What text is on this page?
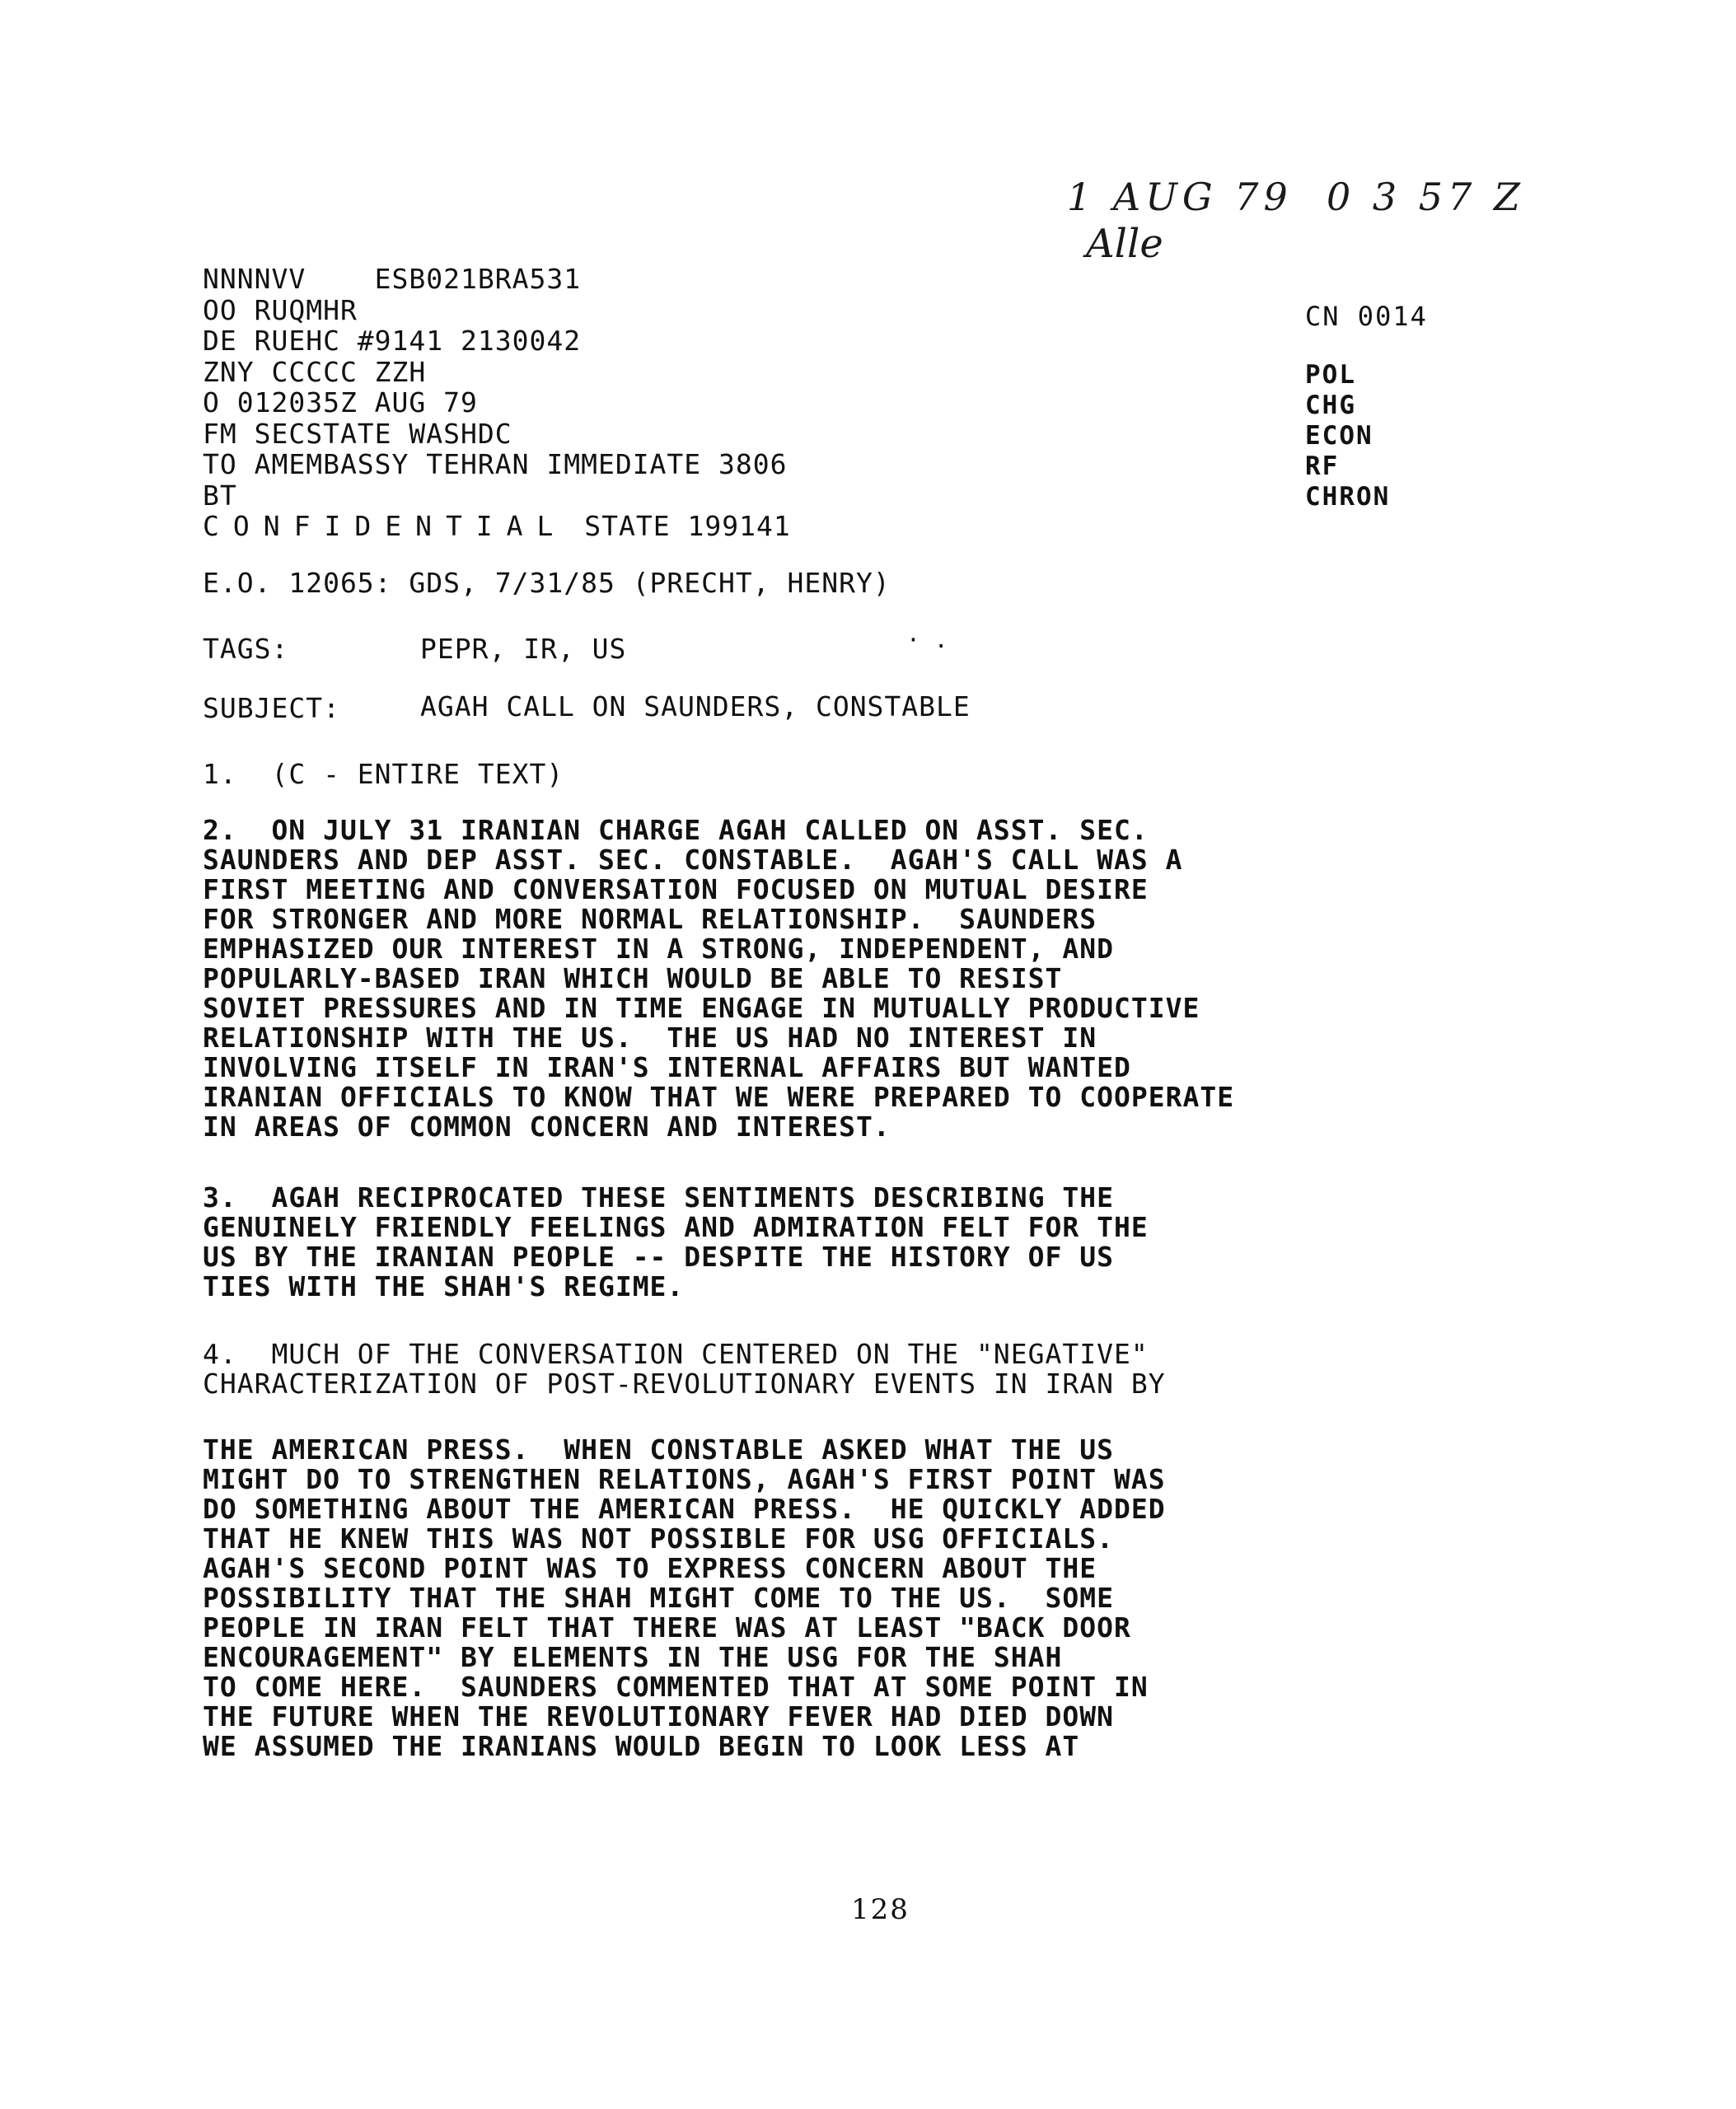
1 AUG 79  0 3 57 Z
Alle
NNNNVV    ESB021BRA531
OO RUQMHR
DE RUEHC #9141 2130042
ZNY CCCCC ZZH
O 012035Z AUG 79
FM SECSTATE WASHDC
TO AMEMBASSY TEHRAN IMMEDIATE 3806
BT
CONFIDENTIAL STATE 199141
CN 0014
POL
CHG
ECON
RF
CHRON
E.O. 12065: GDS, 7/31/85 (PRECHT, HENRY)
· .
TAGS:	PEPR, IR, US
SUBJECT:	AGAH CALL ON SAUNDERS, CONSTABLE
1.  (C - ENTIRE TEXT)
2.  ON JULY 31 IRANIAN CHARGE AGAH CALLED ON ASST. SEC.
SAUNDERS AND DEP ASST. SEC. CONSTABLE.  AGAH'S CALL WAS A
FIRST MEETING AND CONVERSATION FOCUSED ON MUTUAL DESIRE
FOR STRONGER AND MORE NORMAL RELATIONSHIP.  SAUNDERS
EMPHASIZED OUR INTEREST IN A STRONG, INDEPENDENT, AND
POPULARLY-BASED IRAN WHICH WOULD BE ABLE TO RESIST
SOVIET PRESSURES AND IN TIME ENGAGE IN MUTUALLY PRODUCTIVE
RELATIONSHIP WITH THE US.  THE US HAD NO INTEREST IN
INVOLVING ITSELF IN IRAN'S INTERNAL AFFAIRS BUT WANTED
IRANIAN OFFICIALS TO KNOW THAT WE WERE PREPARED TO COOPERATE
IN AREAS OF COMMON CONCERN AND INTEREST.
3.  AGAH RECIPROCATED THESE SENTIMENTS DESCRIBING THE
GENUINELY FRIENDLY FEELINGS AND ADMIRATION FELT FOR THE
US BY THE IRANIAN PEOPLE -- DESPITE THE HISTORY OF US
TIES WITH THE SHAH'S REGIME.
4.  MUCH OF THE CONVERSATION CENTERED ON THE "NEGATIVE"
CHARACTERIZATION OF POST-REVOLUTIONARY EVENTS IN IRAN BY
THE AMERICAN PRESS.  WHEN CONSTABLE ASKED WHAT THE US
MIGHT DO TO STRENGTHEN RELATIONS, AGAH'S FIRST POINT WAS
DO SOMETHING ABOUT THE AMERICAN PRESS.  HE QUICKLY ADDED
THAT HE KNEW THIS WAS NOT POSSIBLE FOR USG OFFICIALS.
AGAH'S SECOND POINT WAS TO EXPRESS CONCERN ABOUT THE
POSSIBILITY THAT THE SHAH MIGHT COME TO THE US.  SOME
PEOPLE IN IRAN FELT THAT THERE WAS AT LEAST "BACK DOOR
ENCOURAGEMENT" BY ELEMENTS IN THE USG FOR THE SHAH
TO COME HERE.  SAUNDERS COMMENTED THAT AT SOME POINT IN
THE FUTURE WHEN THE REVOLUTIONARY FEVER HAD DIED DOWN
WE ASSUMED THE IRANIANS WOULD BEGIN TO LOOK LESS AT
128
